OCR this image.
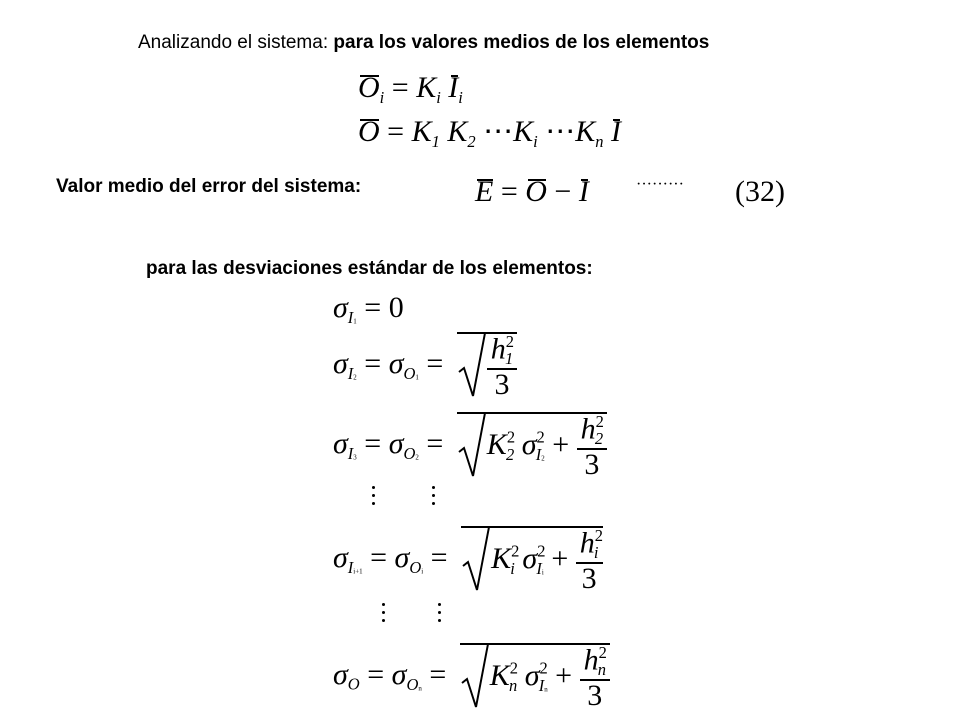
Analizando el sistema: para los valores medios de los elementos
$O_i = K_i$ $I_i$
$O = K_1$ $K_2$ $\cdots K_i$ $\cdots K_n$ I
Valor medio del error del sistema:	E = O − I	········· (32)
para las desviaciones estándar de los elementos:
$\sigma_{I1} = 0$
$\sigma_{I2} = \sigma_{O1} = \frac{h^2_1}{3}$
$\sigma_{I3} = \sigma_{O2} = K^2_2$ $\sigma^2_{I2} + \frac{h^2_2}{3}$
$\sigma_{Ii+1} = \sigma_{Oi} = K^2_i$ $\sigma^2_{Ii} + \frac{h^2_i}{3}$
$\sigma_O = \sigma_{On} = K^2_n$ $\sigma^2_{In} + \frac{h^2_n}{3}$
